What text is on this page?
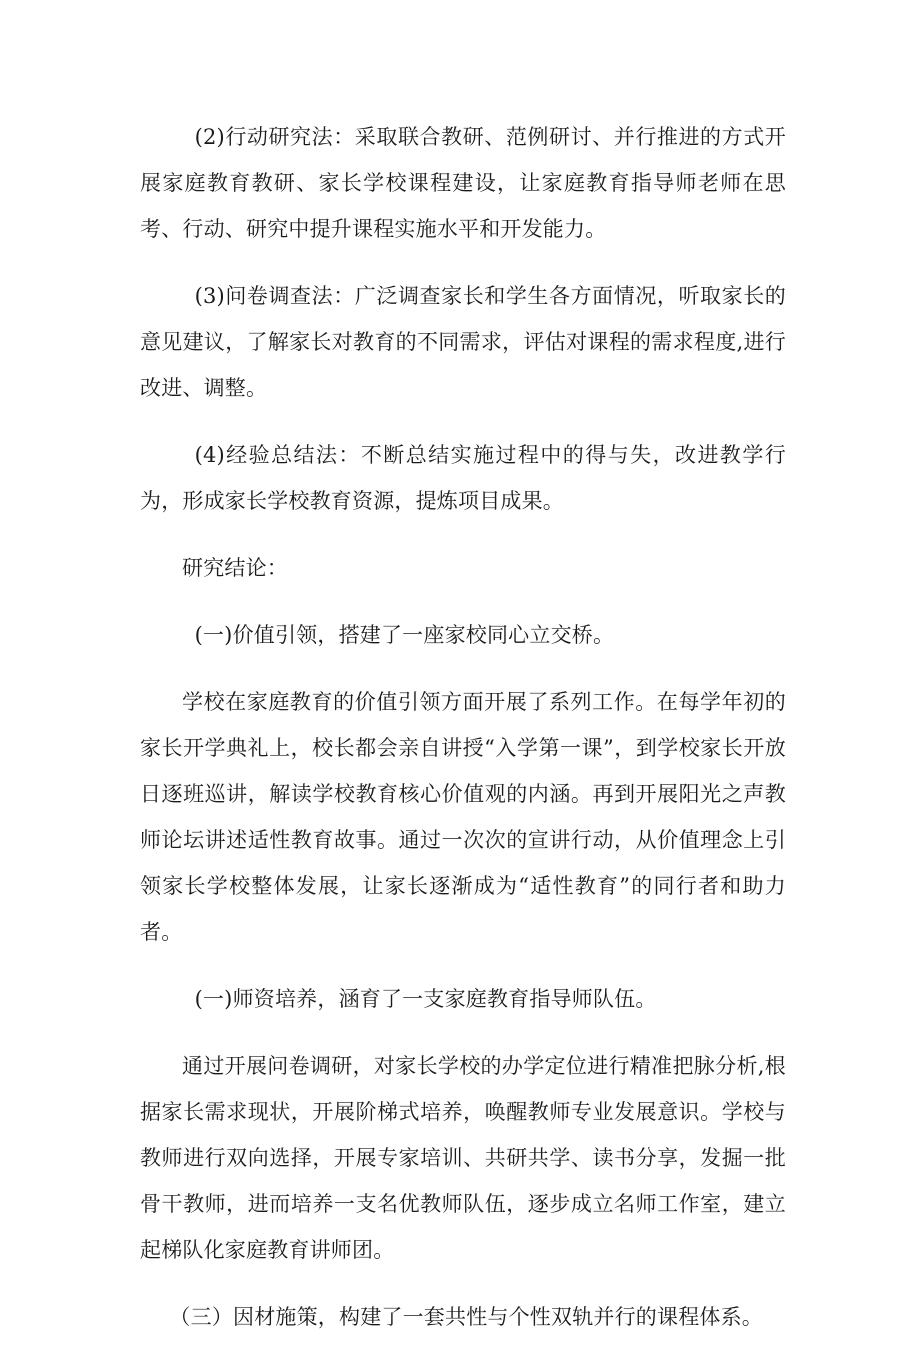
(2)行动研究法：采取联合教研、范例研讨、并行推进的方式开展家庭教育教研、家长学校课程建设，让家庭教育指导师老师在思考、行动、研究中提升课程实施水平和开发能力。

(3)问卷调查法：广泛调查家长和学生各方面情况，听取家长的意见建议，了解家长对教育的不同需求，评估对课程的需求程度,进行改进、调整。

(4)经验总结法：不断总结实施过程中的得与失，改进教学行为，形成家长学校教育资源，提炼项目成果。

研究结论：

(一)价值引领，搭建了一座家校同心立交桥。

学校在家庭教育的价值引领方面开展了系列工作。在每学年初的家长开学典礼上，校长都会亲自讲授“入学第一课”，到学校家长开放日逐班巡讲，解读学校教育核心价值观的内涵。再到开展阳光之声教师论坛讲述适性教育故事。通过一次次的宣讲行动，从价值理念上引领家长学校整体发展，让家长逐渐成为“适性教育”的同行者和助力者。

(一)师资培养，涵育了一支家庭教育指导师队伍。

通过开展问卷调研，对家长学校的办学定位进行精准把脉分析,根据家长需求现状，开展阶梯式培养，唤醒教师专业发展意识。学校与教师进行双向选择，开展专家培训、共研共学、读书分享，发掘一批骨干教师，进而培养一支名优教师队伍，逐步成立名师工作室，建立起梯队化家庭教育讲师团。

（三）因材施策，构建了一套共性与个性双轨并行的课程体系。
